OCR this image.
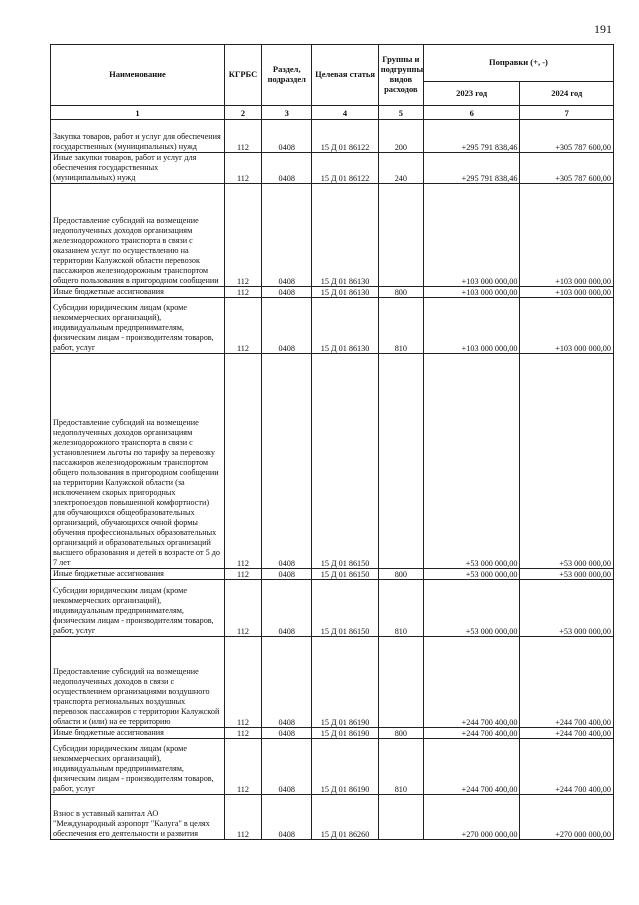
191
Наименование	КГРБС	Раздел, подраздел	Целевая статья	Группы и подгруппы видов расходов	Поправки (+, -)	
					2023 год	2024 год
1	2	3	4	5	6	7
Закупка товаров, работ и услуг для обеспечения государственных (муниципальных) нужд	112	0408	15 Д 01 86122	200	+295 791 838,46	+305 787 600,00
Иные закупки товаров, работ и услуг для обеспечения государственных (муниципальных) нужд	112	0408	15 Д 01 86122	240	+295 791 838,46	+305 787 600,00
Предоставление субсидий на возмещение недополученных доходов организациям железнодорожного транспорта в связи с оказанием услуг по осуществлению на территории Калужской области перевозок пассажиров железнодорожным транспортом общего пользования в пригородном сообщении	112	0408	15 Д 01 86130		+103 000 000,00	+103 000 000,00
Иные бюджетные ассигнования	112	0408	15 Д 01 86130	800	+103 000 000,00	+103 000 000,00
Субсидии юридическим лицам (кроме некоммерческих организаций), индивидуальным предпринимателям, физическим лицам - производителям товаров, работ, услуг	112	0408	15 Д 01 86130	810	+103 000 000,00	+103 000 000,00
Предоставление субсидий на возмещение недополученных доходов организациям железнодорожного транспорта в связи с установлением льготы по тарифу за перевозку пассажиров железнодорожным транспортом общего пользования в пригородном сообщении на территории Калужской области (за исключением скорых пригородных электропоездов повышенной комфортности) для обучающихся общеобразовательных организаций, обучающихся очной формы обучения профессиональных образовательных организаций и образовательных организаций высшего образования и детей в возрасте от 5 до 7 лет	112	0408	15 Д 01 86150		+53 000 000,00	+53 000 000,00
Иные бюджетные ассигнования	112	0408	15 Д 01 86150	800	+53 000 000,00	+53 000 000,00
Субсидии юридическим лицам (кроме некоммерческих организаций), индивидуальным предпринимателям, физическим лицам - производителям товаров, работ, услуг	112	0408	15 Д 01 86150	810	+53 000 000,00	+53 000 000,00
Предоставление субсидий на возмещение недополученных доходов в связи с осуществлением организациями воздушного транспорта региональных воздушных перевозок пассажиров с территории Калужской области и (или) на ее территорию	112	0408	15 Д 01 86190		+244 700 400,00	+244 700 400,00
Иные бюджетные ассигнования	112	0408	15 Д 01 86190	800	+244 700 400,00	+244 700 400,00
Субсидии юридическим лицам (кроме некоммерческих организаций), индивидуальным предпринимателям, физическим лицам - производителям товаров, работ, услуг	112	0408	15 Д 01 86190	810	+244 700 400,00	+244 700 400,00
Взнос в уставный капитал АО "Международный аэропорт "Калуга" в целях обеспечения его деятельности и развития	112	0408	15 Д 01 86260		+270 000 000,00	+270 000 000,00
